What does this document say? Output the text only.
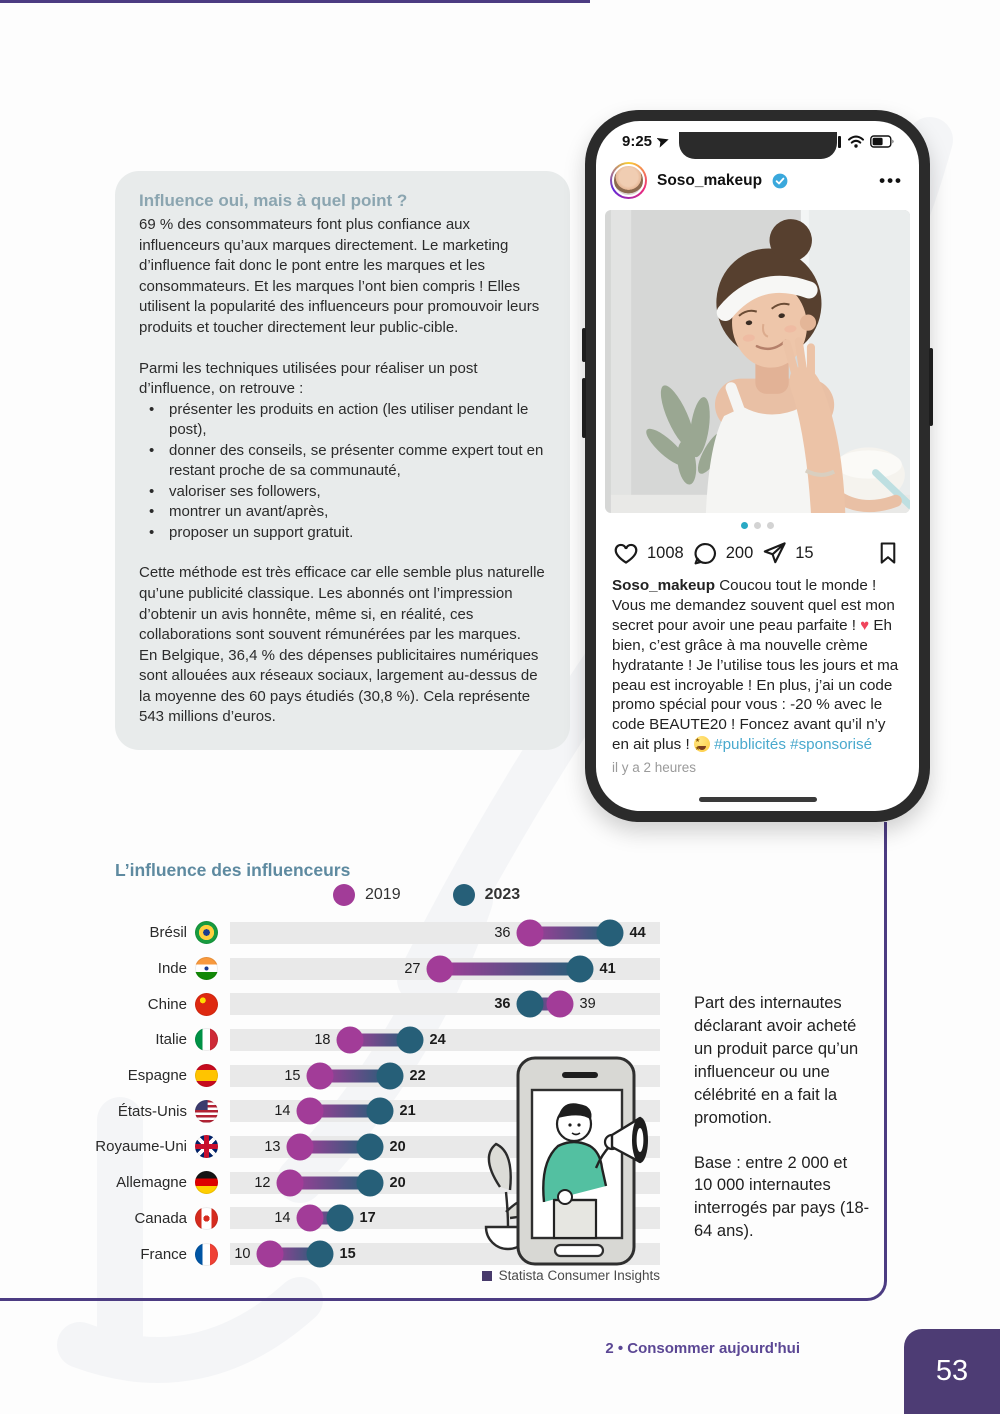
Influence oui, mais à quel point ?

69 % des consommateurs font plus confiance aux influenceurs qu’aux marques directement. Le marketing d’influence fait donc le pont entre les marques et les consommateurs. Et les marques l’ont bien compris ! Elles utilisent la popularité des influenceurs pour promouvoir leurs produits et toucher directement leur public-cible.

Parmi les techniques utilisées pour réaliser un post d’influence, on retrouve :

• présenter les produits en action (les utiliser pendant le post),
• donner des conseils, se présenter comme expert tout en restant proche de sa communauté,
• valoriser ses followers,
• montrer un avant/après,
• proposer un support gratuit.

Cette méthode est très efficace car elle semble plus naturelle qu’une publicité classique. Les abonnés ont l’impression d’obtenir un avis honnête, même si, en réalité, ces collaborations sont souvent rémunérées par les marques.

En Belgique, 36,4 % des dépenses publicitaires numériques sont allouées aux réseaux sociaux, largement au-dessus de la moyenne des 60 pays étudiés (30,8 %). Cela représente 543 millions d’euros.

9:25
Soso_makeup	•••
1008	200	15
Soso_makeup Coucou tout le monde ! Vous me demandez souvent quel est mon secret pour avoir une peau parfaite ! ♥ Eh bien, c’est grâce à ma nouvelle crème hydratante ! Je l’utilise tous les jours et ma peau est incroyable ! En plus, j’ai un code promo spécial pour vous : -20 % avec le code BEAUTE20 ! Foncez avant qu’il n’y en ait plus ! ★ ★ #publicités #sponsorisé
il y a 2 heures
L’influence des influenceurs
2019	2023
Brésil	36	44
Inde	27	41
Chine	36	39
Italie	18	24
Espagne	15	22
États-Unis	14	21
Royaume-Uni	13	20
Allemagne	12	20
Canada	14	17
France	10	15
Statista Consumer Insights

Part des internautes déclarant avoir acheté un produit parce qu’un influenceur ou une célébrité en a fait la promotion.

Base : entre 2 000 et 10 000 internautes interrogés par pays (18-64 ans).

2 • Consommer aujourd'hui
53
